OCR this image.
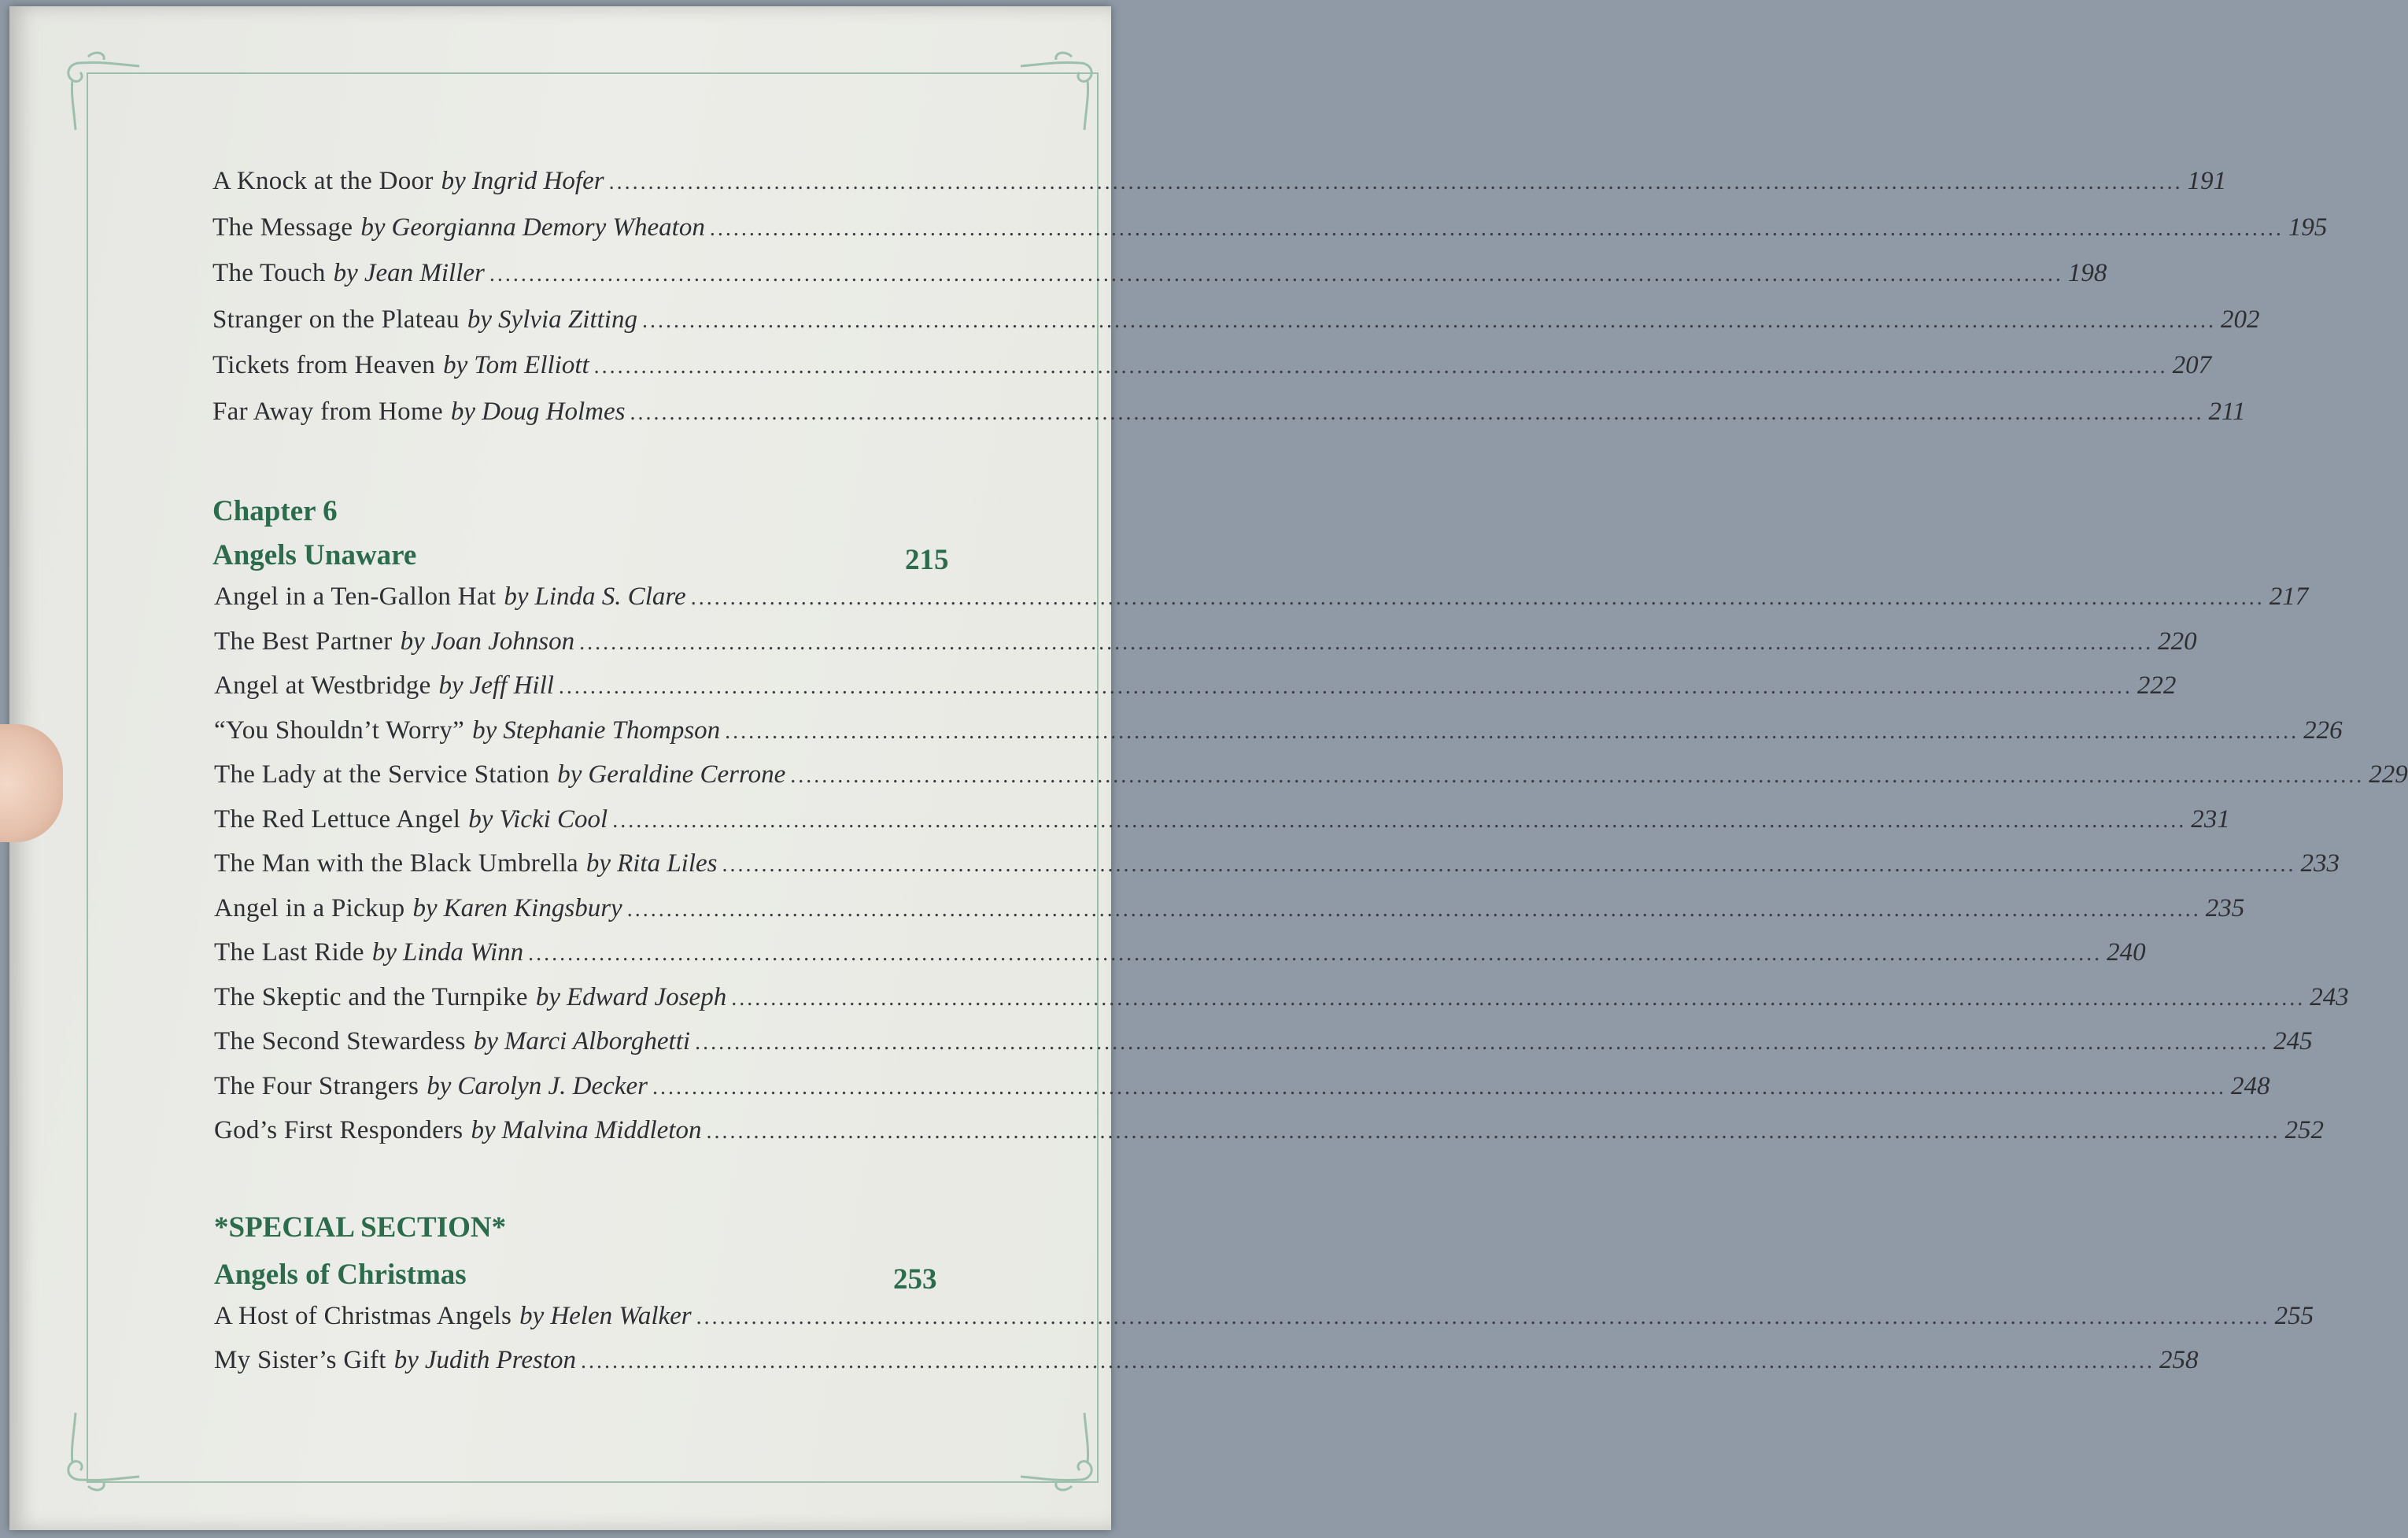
Chapter 6
Angels Unaware	215
*SPECIAL SECTION*
Angels of Christmas	253
A Knock at the Door by Ingrid Hofer ........................................................................................................................................................................................................ 191
The Message by Georgianna Demory Wheaton ........................................................................................................................................................................................................ 195
The Touch by Jean Miller ........................................................................................................................................................................................................ 198
Stranger on the Plateau by Sylvia Zitting ........................................................................................................................................................................................................ 202
Tickets from Heaven by Tom Elliott ........................................................................................................................................................................................................ 207
Far Away from Home by Doug Holmes ........................................................................................................................................................................................................ 211
Angel in a Ten-Gallon Hat by Linda S. Clare ........................................................................................................................................................................................................ 217
The Best Partner by Joan Johnson ........................................................................................................................................................................................................ 220
Angel at Westbridge by Jeff Hill ........................................................................................................................................................................................................ 222
“You Shouldn’t Worry” by Stephanie Thompson ........................................................................................................................................................................................................ 226
The Lady at the Service Station by Geraldine Cerrone ........................................................................................................................................................................................................ 229
The Red Lettuce Angel by Vicki Cool ........................................................................................................................................................................................................ 231
The Man with the Black Umbrella by Rita Liles ........................................................................................................................................................................................................ 233
Angel in a Pickup by Karen Kingsbury ........................................................................................................................................................................................................ 235
The Last Ride by Linda Winn ........................................................................................................................................................................................................ 240
The Skeptic and the Turnpike by Edward Joseph ........................................................................................................................................................................................................ 243
The Second Stewardess by Marci Alborghetti ........................................................................................................................................................................................................ 245
The Four Strangers by Carolyn J. Decker ........................................................................................................................................................................................................ 248
God’s First Responders by Malvina Middleton ........................................................................................................................................................................................................ 252
A Host of Christmas Angels by Helen Walker ........................................................................................................................................................................................................ 255
My Sister’s Gift by Judith Preston ........................................................................................................................................................................................................ 258
